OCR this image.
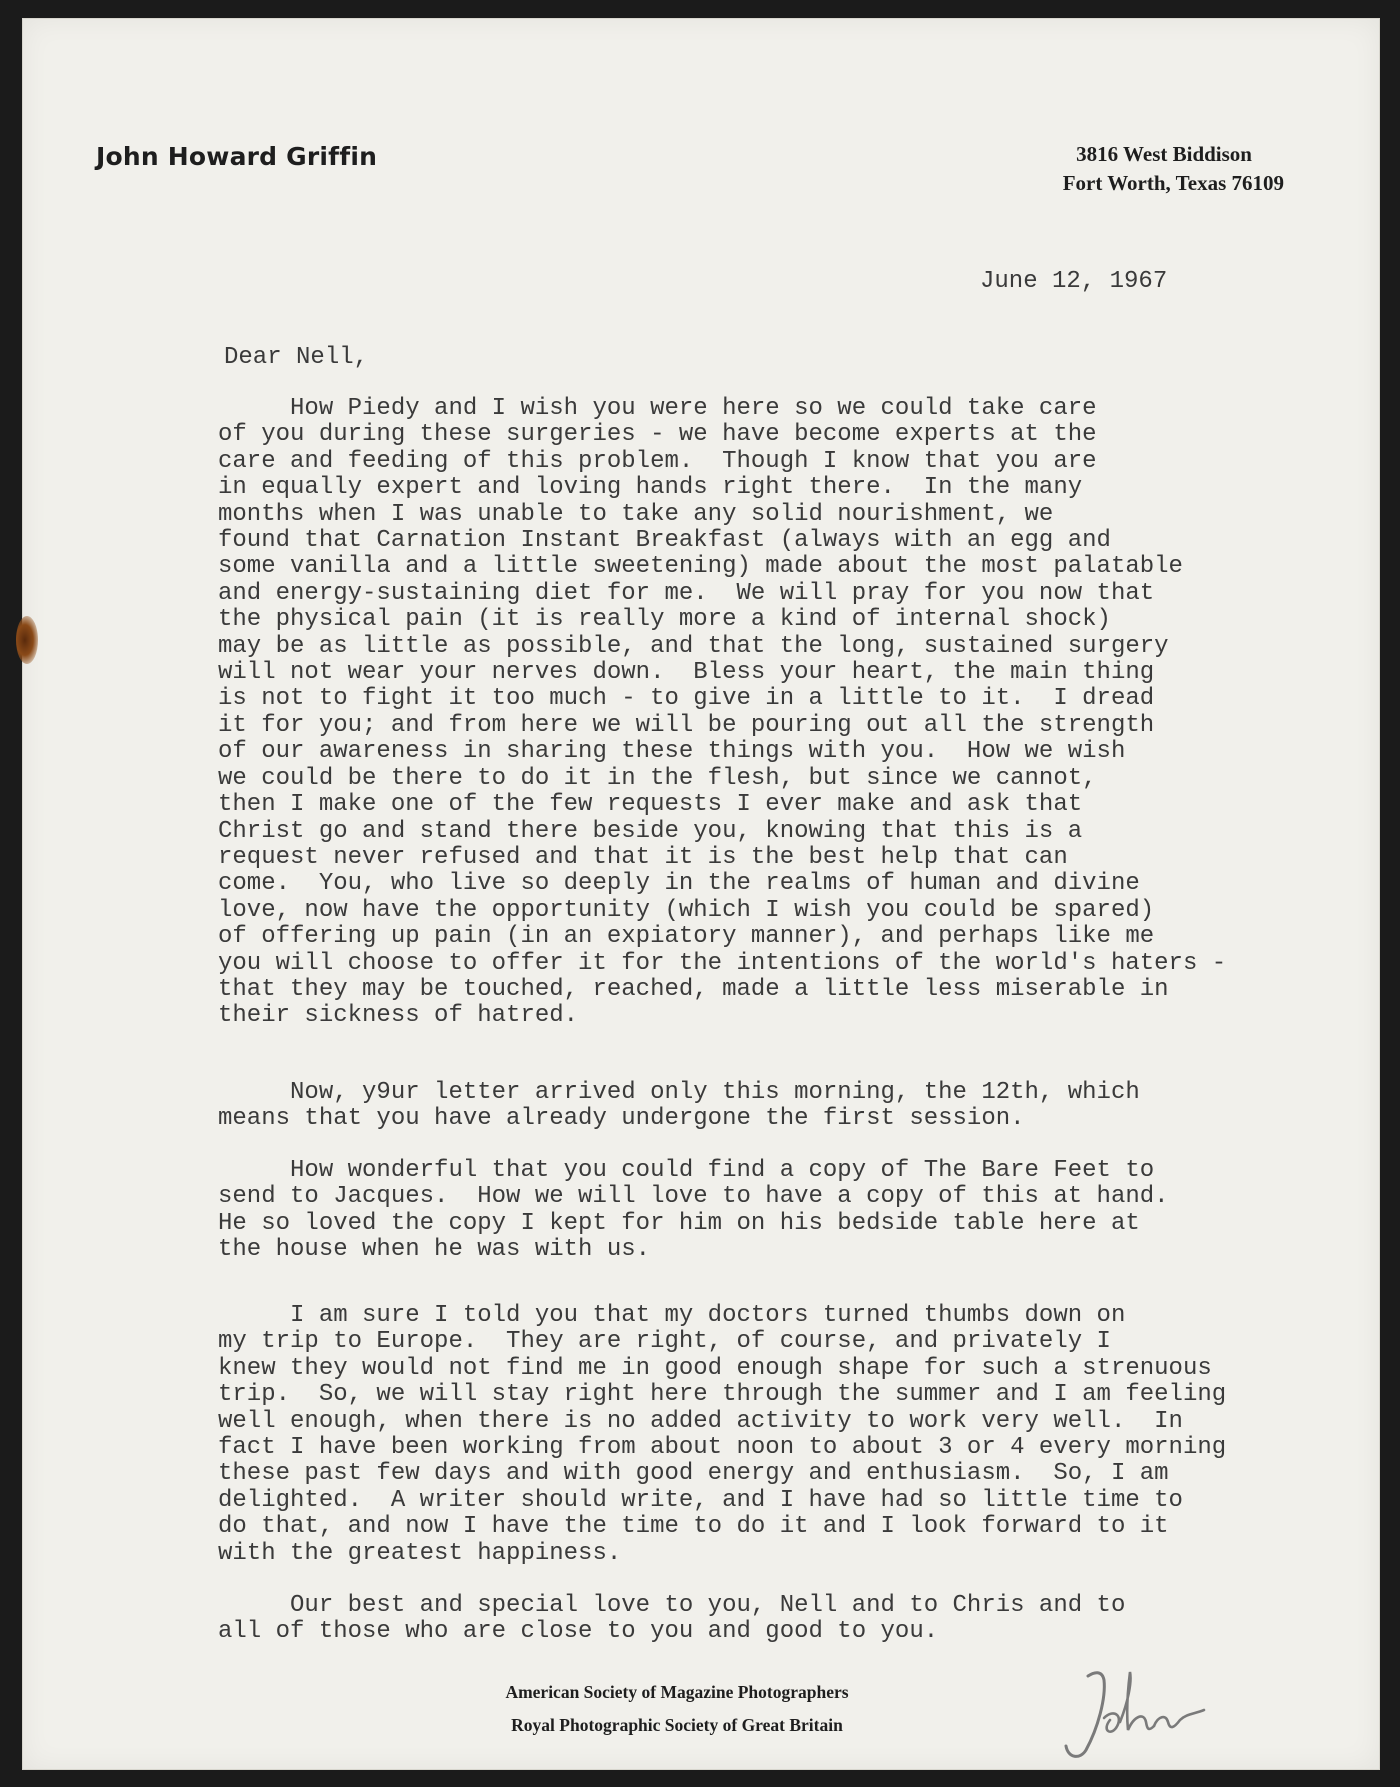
John Howard Griffin	3816 West Biddison
Fort Worth, Texas 76109
June 12, 1967
Dear Nell,

How Piedy and I wish you were here so we could take care
of you during these surgeries - we have become experts at the
care and feeding of this problem.  Though I know that you are
in equally expert and loving hands right there.  In the many
months when I was unable to take any solid nourishment, we
found that Carnation Instant Breakfast (always with an egg and
some vanilla and a little sweetening) made about the most palatable
and energy-sustaining diet for me.  We will pray for you now that
the physical pain (it is really more a kind of internal shock)
may be as little as possible, and that the long, sustained surgery
will not wear your nerves down.  Bless your heart, the main thing
is not to fight it too much - to give in a little to it.  I dread
it for you; and from here we will be pouring out all the strength
of our awareness in sharing these things with you.  How we wish
we could be there to do it in the flesh, but since we cannot,
then I make one of the few requests I ever make and ask that
Christ go and stand there beside you, knowing that this is a
request never refused and that it is the best help that can
come.  You, who live so deeply in the realms of human and divine
love, now have the opportunity (which I wish you could be spared)
of offering up pain (in an expiatory manner), and perhaps like me
you will choose to offer it for the intentions of the world's haters -
that they may be touched, reached, made a little less miserable in
their sickness of hatred.

Now, y9ur letter arrived only this morning, the 12th, which
means that you have already undergone the first session.

How wonderful that you could find a copy of The Bare Feet to
send to Jacques.  How we will love to have a copy of this at hand.
He so loved the copy I kept for him on his bedside table here at
the house when he was with us.

I am sure I told you that my doctors turned thumbs down on
my trip to Europe.  They are right, of course, and privately I
knew they would not find me in good enough shape for such a strenuous
trip.  So, we will stay right here through the summer and I am feeling
well enough, when there is no added activity to work very well.  In
fact I have been working from about noon to about 3 or 4 every morning
these past few days and with good energy and enthusiasm.  So, I am
delighted.  A writer should write, and I have had so little time to
do that, and now I have the time to do it and I look forward to it
with the greatest happiness.

Our best and special love to you, Nell and to Chris and to
all of those who are close to you and good to you.

American Society of Magazine Photographers
Royal Photographic Society of Great Britain
